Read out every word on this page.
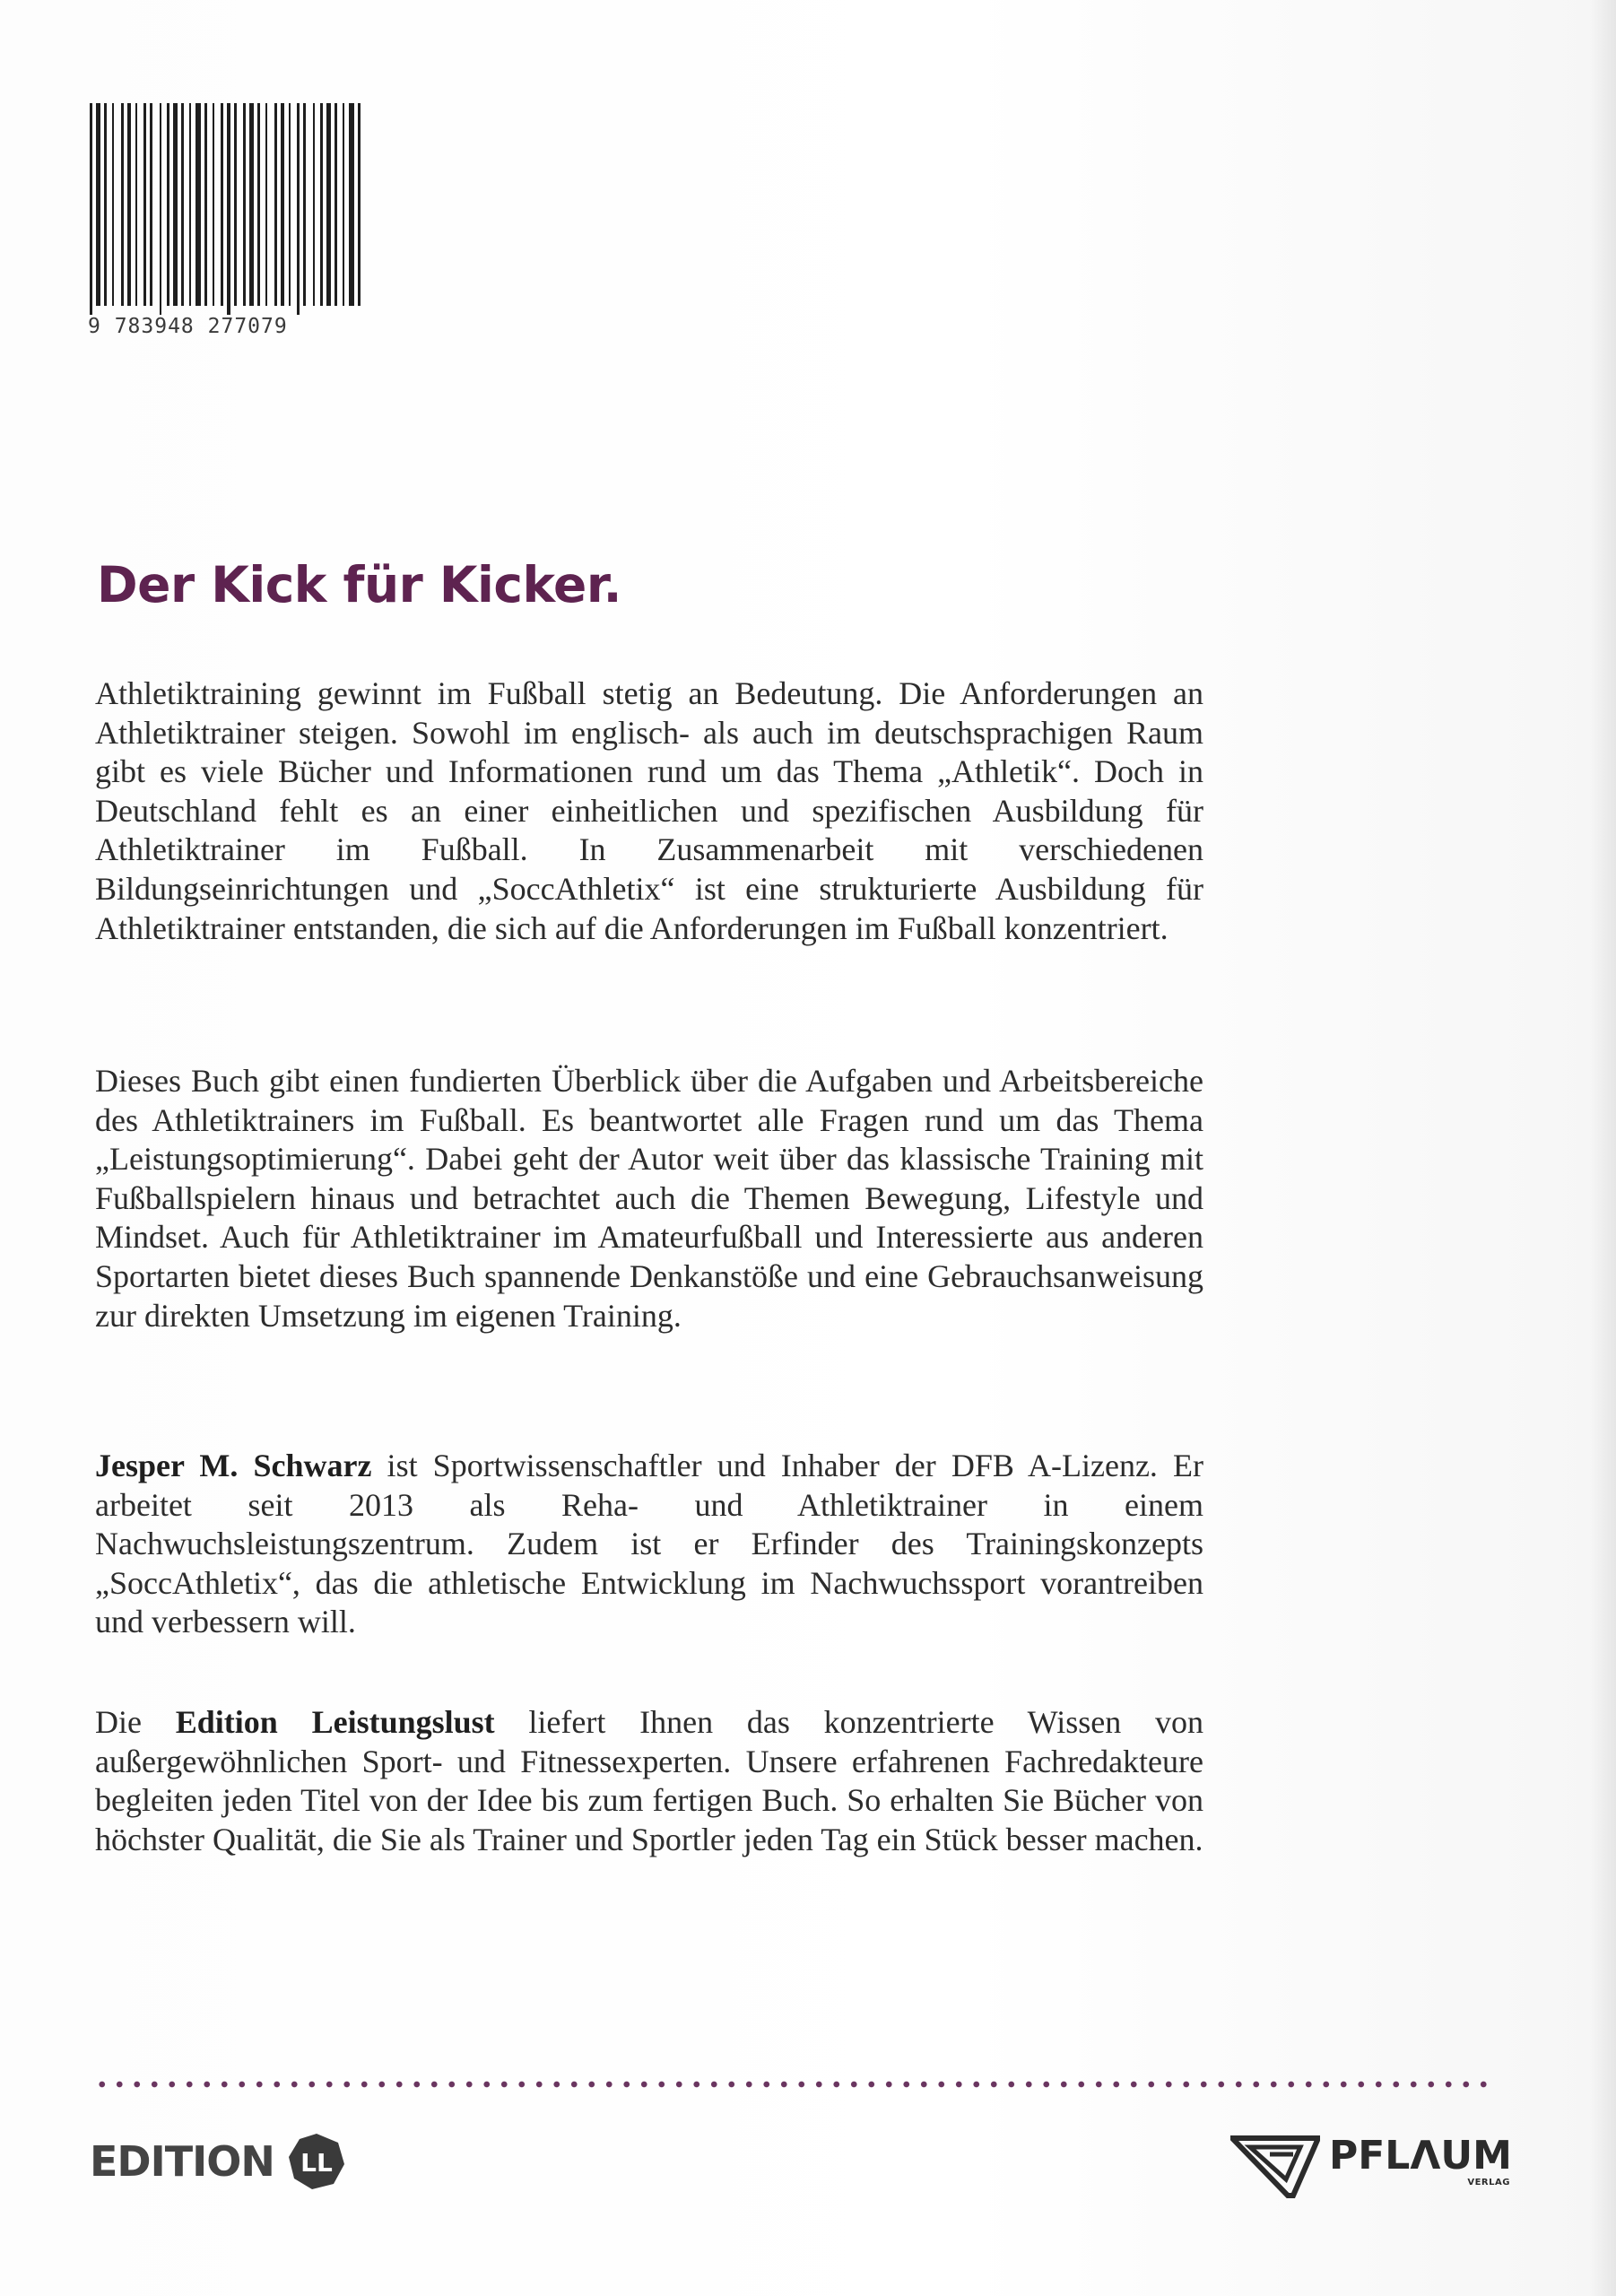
9 783948 277079
Der Kick für Kicker.

Athletiktraining gewinnt im Fußball stetig an Bedeutung. Die Anforderungen an Athletiktrainer steigen. Sowohl im englisch- als auch im deutschsprachigen Raum gibt es viele Bücher und Informationen rund um das Thema „Athletik“. Doch in Deutschland fehlt es an einer einheitlichen und spezifischen Ausbildung für Athletiktrainer im Fußball. In Zusammenarbeit mit verschiedenen Bildungseinrichtungen und „SoccAthletix“ ist eine strukturierte Ausbildung für Athletiktrainer entstanden, die sich auf die Anforderungen im Fußball konzentriert.

Dieses Buch gibt einen fundierten Überblick über die Aufgaben und Arbeitsbereiche des Athletiktrainers im Fußball. Es beantwortet alle Fragen rund um das Thema „Leistungsoptimierung“. Dabei geht der Autor weit über das klassische Training mit Fußballspielern hinaus und betrachtet auch die Themen Bewegung, Lifestyle und Mindset. Auch für Athletiktrainer im Amateurfußball und Interessierte aus anderen Sportarten bietet dieses Buch spannende Denkanstöße und eine Gebrauchsanweisung zur direkten Umsetzung im eigenen Training.

Jesper M. Schwarz ist Sportwissenschaftler und Inhaber der DFB A-Lizenz. Er arbeitet seit 2013 als Reha- und Athletiktrainer in einem Nachwuchsleistungszentrum. Zudem ist er Erfinder des Trainingskonzepts „SoccAthletix“, das die athletische Entwicklung im Nachwuchssport vorantreiben und verbessern will.

Die Edition Leistungslust liefert Ihnen das konzentrierte Wissen von außergewöhnlichen Sport- und Fitnessexperten. Unsere erfahrenen Fachredakteure begleiten jeden Titel von der Idee bis zum fertigen Buch. So erhalten Sie Bücher von höchster Qualität, die Sie als Trainer und Sportler jeden Tag ein Stück besser machen.

EDITION LL	PFLΛUM
VERLAG
